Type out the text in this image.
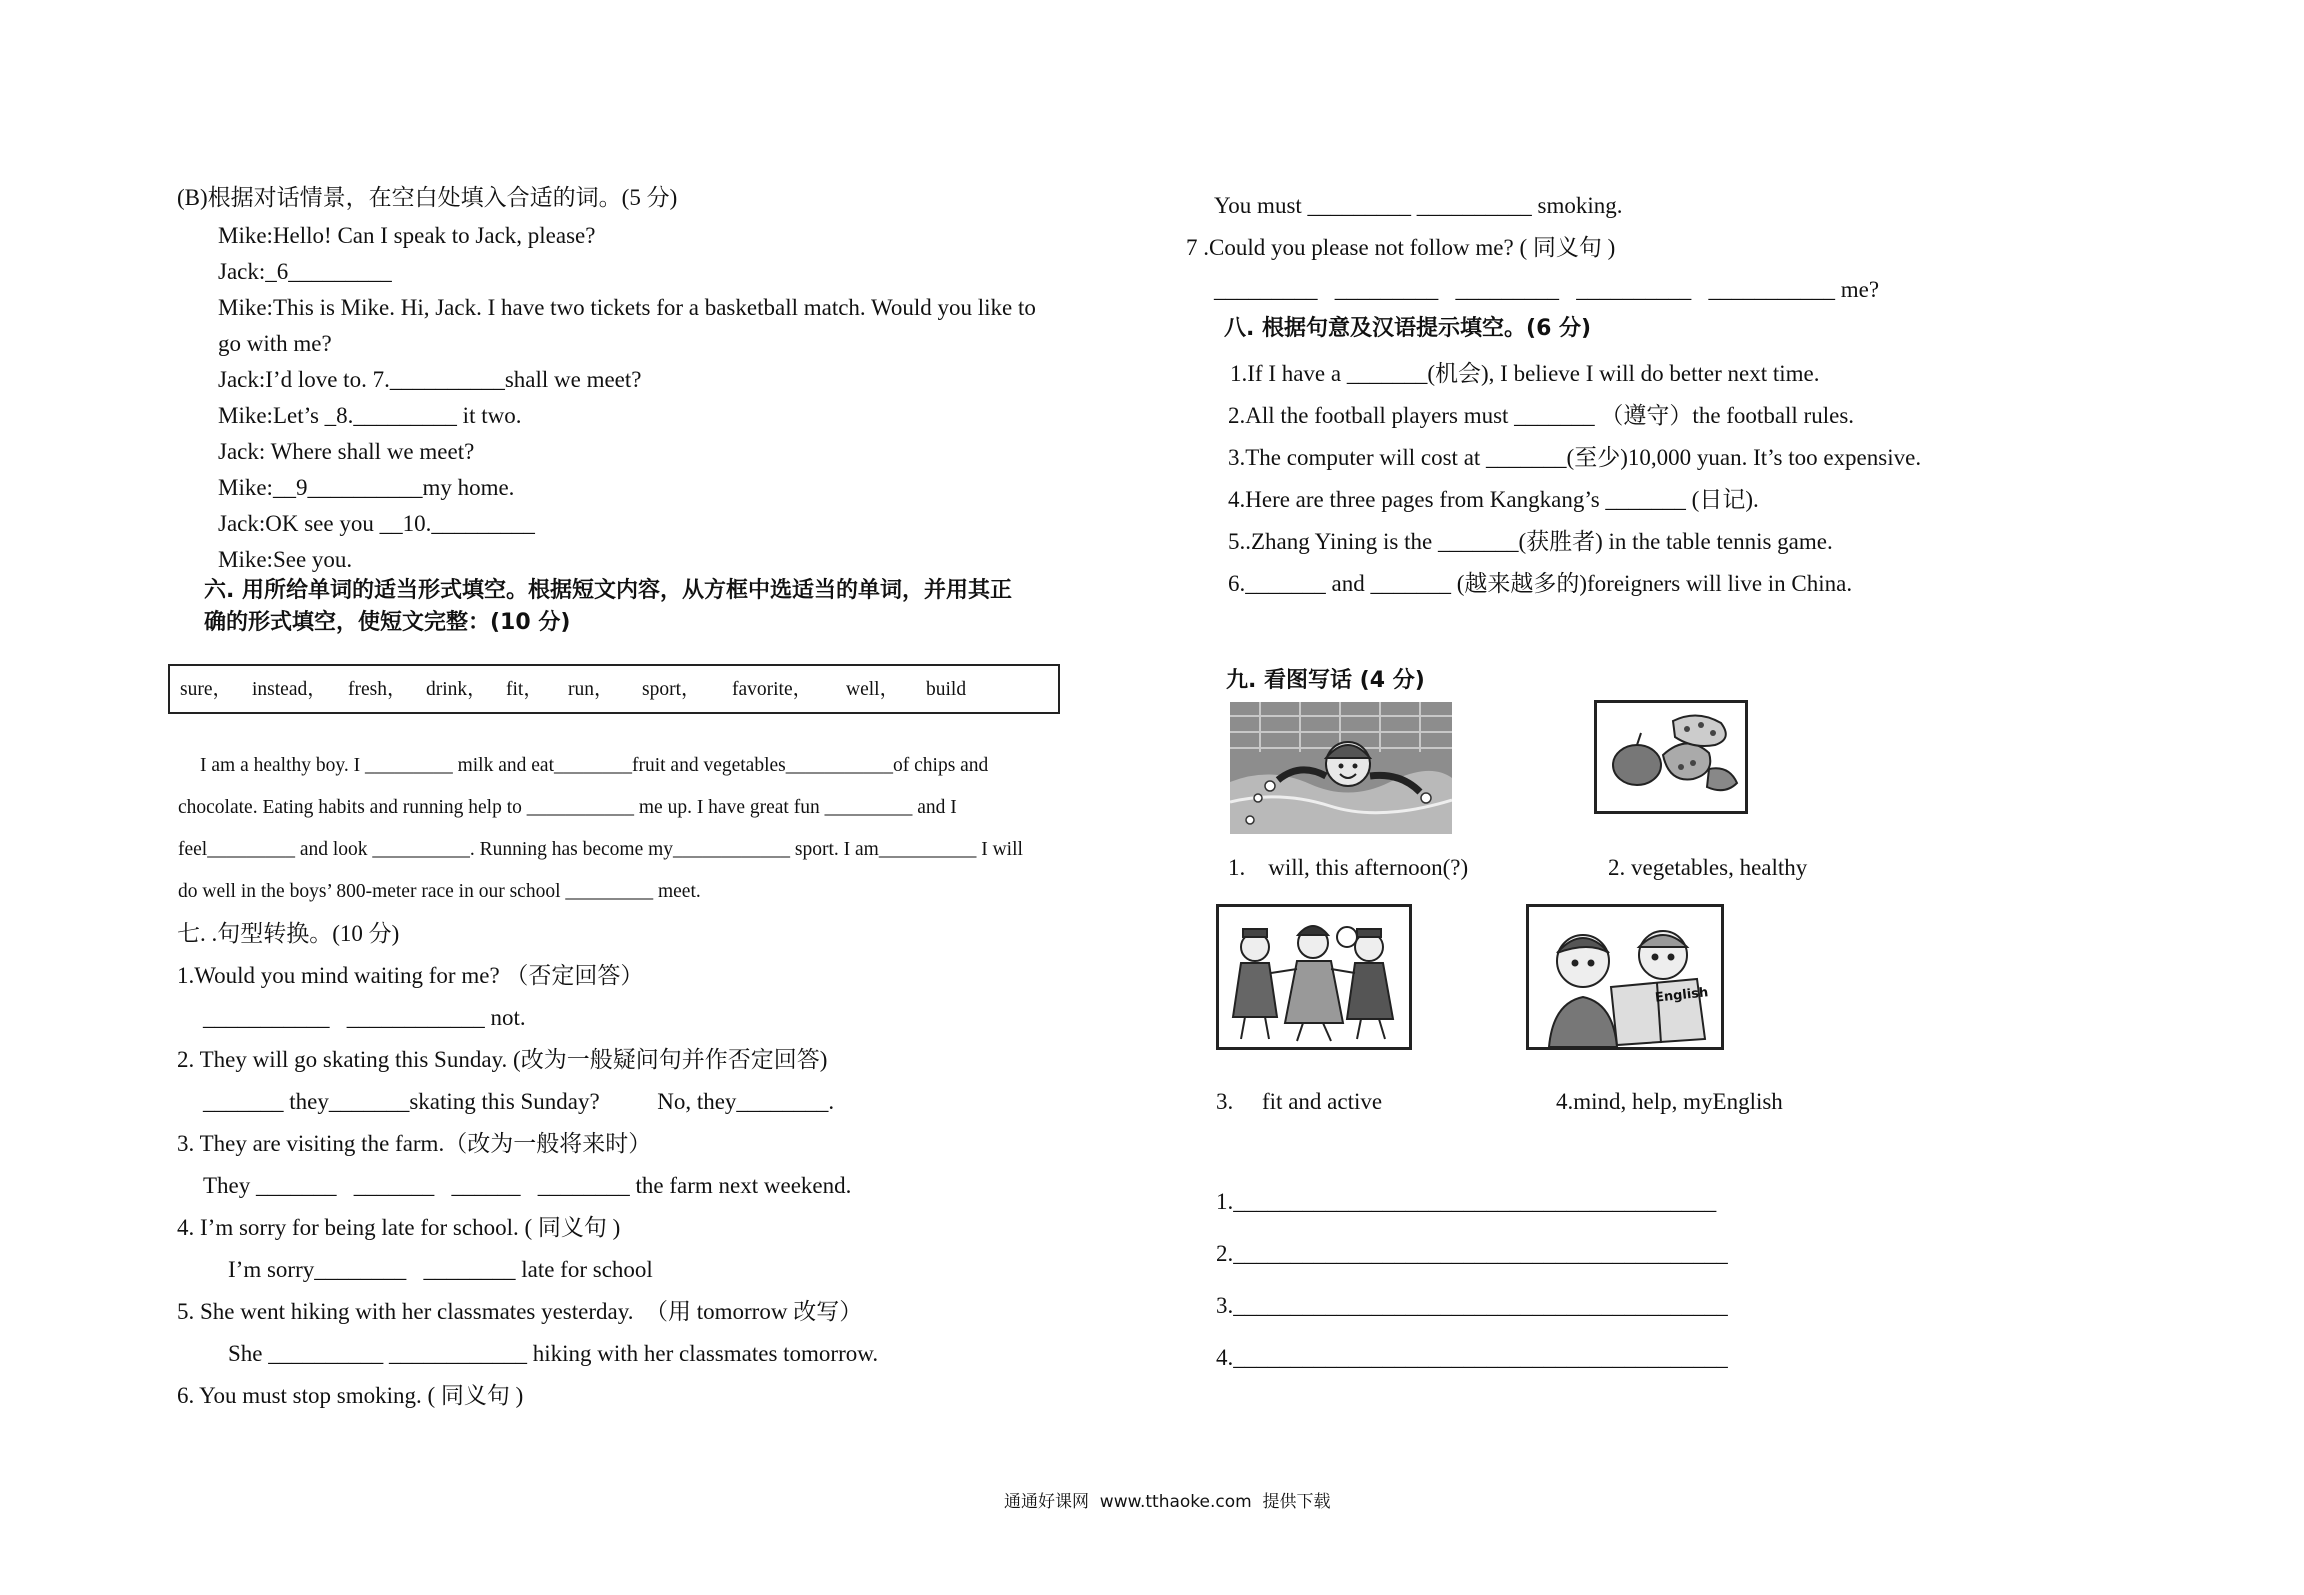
(B)根据对话情景，在空白处填入合适的词。(5 分)
Mike:Hello! Can I speak to Jack, please?
Jack:_6_________
Mike:This is Mike. Hi, Jack. I have two tickets for a basketball match. Would you like to
go with me?
Jack:I’d love to. 7.__________shall we meet?
Mike:Let’s _8._________ it two.
Jack: Where shall we meet?
Mike:__9__________my home.
Jack:OK see you __10._________
Mike:See you.
六. 用所给单词的适当形式填空。根据短文内容，从方框中选适当的单词，并用其正
确的形式填空，使短文完整：(10 分)
sure， instead， fresh， drink， fit， run， sport， favorite， well， build
I am a healthy boy. I _________ milk and eat________fruit and vegetables___________of chips and
chocolate. Eating habits and running help to ___________ me up. I have great fun _________ and I
feel_________ and look __________. Running has become my____________ sport. I am__________ I will
do well in the boys’ 800-meter race in our school _________ meet.
七. .句型转换。(10 分)
1.Would you mind waiting for me? （否定回答）
___________   ____________ not.
2. They will go skating this Sunday. (改为一般疑问句并作否定回答)
_______ they_______skating this Sunday?          No, they________.
3. They are visiting the farm.（改为一般将来时）
They _______   _______   ______   ________ the farm next weekend.
4. I’m sorry for being late for school. ( 同义句 )
I’m sorry________   ________ late for school
5. She went hiking with her classmates yesterday.  （用 tomorrow 改写）
She __________ ____________ hiking with her classmates tomorrow.
6. You must stop smoking. ( 同义句 )
You must _________ __________ smoking.
7 .Could you please not follow me? ( 同义句 )
_________   _________   _________   __________   ___________ me?
八. 根据句意及汉语提示填空。(6 分)
1.If I have a _______(机会), I believe I will do better next time.
2.All the football players must _______ （遵守）the football rules.
3.The computer will cost at _______(至少)10,000 yuan. It’s too expensive.
4.Here are three pages from Kangkang’s _______ (日记).
5..Zhang Yining is the _______(获胜者) in the table tennis game.
6._______ and _______ (越来越多的)foreigners will live in China.
九. 看图写话 (4 分)
1.    will, this afternoon(?)	2. vegetables, healthy
English
3.     fit and active	4.mind, help, myEnglish
1.__________________________________________
2.___________________________________________
3.___________________________________________
4.___________________________________________
通通好课网  www.tthaoke.com  提供下载
